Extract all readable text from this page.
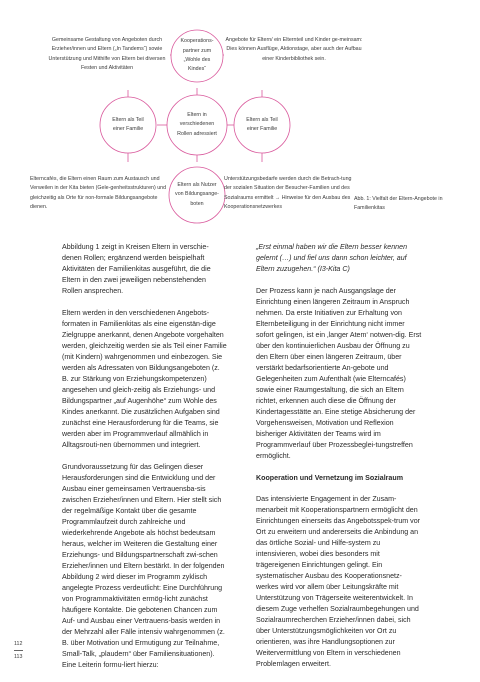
Gemeinsame Gestaltung von Angeboten durch Erzieher/innen und Eltern („In Tandems“) sowie Unterstützung und Mithilfe von Eltern bei diversen Festen und Aktivitäten
Kooperations-partner zum „Wohle des Kindes“
Angebote für Eltern/ ein Elternteil und Kinder ge-meinsam: Dies können Ausflüge, Aktionstage, aber auch der Aufbau einer Kinderbibliothek sein.
Eltern als Teil einer Familie
Eltern in verschiedenen Rollen adressiert
Eltern als Teil einer Familie
Elterncafés, die Eltern einen Raum zum Austausch und Verweilen in der Kita bieten (Gele-genheitsstrukturen) und gleichzeitig als Orte für non-formale Bildungsangebote dienen.
Eltern als Nutzer von Bildungsange-boten
Unterstützungsbedarfe werden durch die Betrach-tung der sozialen Situation der Besucher-Familien und des Sozialraums ermittelt → Hinweise für den Ausbau des Kooperationsnetzwerkes
Abb. 1: Vielfalt der Eltern-Angebote in Familienkitas

Abbildung 1 zeigt in Kreisen Eltern in verschie-denen Rollen; ergänzend werden beispielhaft Aktivitäten der Familienkitas ausgeführt, die die Eltern in den zwei jeweiligen nebenstehenden Rollen ansprechen.

Eltern werden in den verschiedenen Angebots-formaten in Familienkitas als eine eigenstän-dige Zielgruppe anerkannt, denen Angebote vorgehalten werden, gleichzeitig werden sie als Teil einer Familie (mit Kindern) wahrgenommen und einbezogen. Sie werden als Adressaten von Bildungsangeboten (z. B. zur Stärkung von Erziehungskompetenzen) angesehen und gleich-zeitig als Erziehungs- und Bildungspartner „auf Augenhöhe“ zum Wohle des Kindes anerkannt. Die zusätzlichen Aufgaben sind zunächst eine Herausforderung für die Teams, sie werden aber im Programmverlauf allmählich in Alltagsrouti-nen übernommen und integriert.

Grundvoraussetzung für das Gelingen dieser Herausforderungen sind die Entwicklung und der Ausbau einer gemeinsamen Vertrauensba-sis zwischen Erzieher/innen und Eltern. Hier stellt sich der regelmäßige Kontakt über die gesamte Programmlaufzeit durch zahlreiche und wiederkehrende Angebote als höchst bedeutsam heraus, welcher im Weiteren die Gestaltung einer Erziehungs- und Bildungspartnerschaft zwi-schen Erzieher/innen und Eltern bestärkt. In der folgenden Abbildung 2 wird dieser im Programm zyklisch angelegte Prozess verdeutlicht: Eine Durchführung von Programmaktivitäten ermög-licht zunächst häufigere Kontakte. Die gebotenen Chancen zum Auf- und Ausbau einer Vertrauens-basis werden in der Mehrzahl aller Fälle intensiv wahrgenommen (z. B. über Motivation und Ermutigung zur Teilnahme, Small-Talk, „plaudern“ über Familiensituationen). Eine Leiterin formu-liert hierzu:

„Erst einmal haben wir die Eltern besser kennen gelernt (…) und fiel uns dann schon leichter, auf Eltern zuzugehen.“ (I3-Kita C)

Der Prozess kann je nach Ausgangslage der Einrichtung einen längeren Zeitraum in Anspruch nehmen. Da erste Initiativen zur Erhaltung von Elternbeteiligung in der Einrichtung nicht immer sofort gelingen, ist ein ‚langer Atem‘ notwen-dig. Erst über den kontinuierlichen Ausbau der Öffnung zu den Eltern über einen längeren Zeitraum, über verstärkt bedarfsorientierte An-gebote und Gelegenheiten zum Aufenthalt (wie Elterncafés) sowie einer Raumgestaltung, die sich an Eltern richtet, erkennen auch diese die Öffnung der Kindertagesstätte an. Eine stetige Absicherung der Vorgehensweisen, Motivation und Reflexion bisheriger Aktivitäten der Teams wird im Programmverlauf über Prozessbeglei-tungstreffen ermöglicht.

Kooperation und Vernetzung im Sozialraum

Das intensivierte Engagement in der Zusam-menarbeit mit Kooperationspartnern ermöglicht den Einrichtungen einerseits das Angebotsspek-trum vor Ort zu erweitern und andererseits die Anbindung an das örtliche Sozial- und Hilfe-system zu intensivieren, wobei dies besonders mit trägereigenen Einrichtungen gelingt. Ein systematischer Ausbau des Kooperationsnetz-werkes wird vor allem über Leitungskräfte mit Unterstützung von Trägerseite weiterentwickelt. In diesem Zuge verhelfen Sozialraumbegehungen und Sozialraumrecherchen Erzieher/innen dabei, sich über Unterstützungsmöglichkeiten vor Ort zu orientieren, was ihre Handlungsoptionen zur Weitervermittlung von Eltern in verschiedenen Problemlagen erweitert.

112
113
